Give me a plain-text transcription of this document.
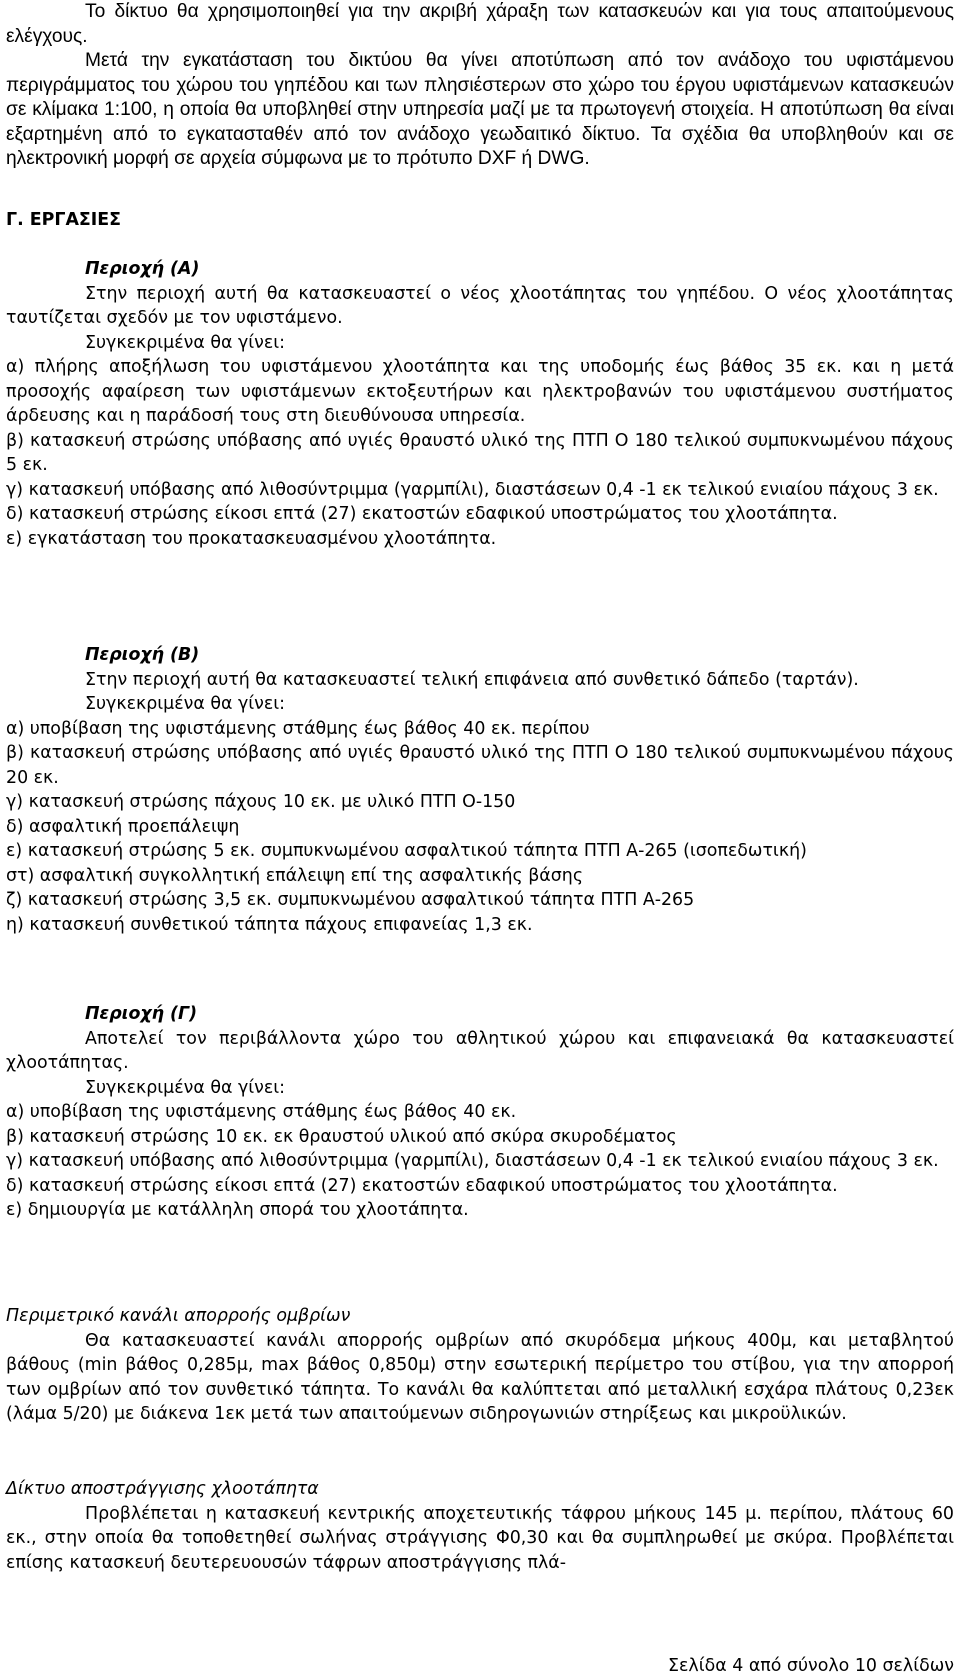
Το δίκτυο θα χρησιμοποιηθεί για την ακριβή χάραξη των κατασκευών και για τους απαιτούμενους ελέγχους.

Μετά την εγκατάσταση του δικτύου θα γίνει αποτύπωση από τον ανάδοχο του υφιστάμενου περιγράμματος του χώρου του γηπέδου και των πλησιέστερων στο χώρο του έργου υφιστάμενων κατασκευών σε κλίμακα 1:100, η οποία θα υποβληθεί στην υπηρεσία μαζί με τα πρωτογενή στοιχεία. Η αποτύπωση θα είναι εξαρτημένη από το εγκατασταθέν από τον ανάδοχο γεωδαιτικό δίκτυο. Τα σχέδια θα υποβληθούν και σε ηλεκτρονική μορφή σε αρχεία σύμφωνα με το πρότυπο DXF ή DWG.

Γ. ΕΡΓΑΣΙΕΣ
Περιοχή (Α)

Στην περιοχή αυτή θα κατασκευαστεί ο νέος χλοοτάπητας του γηπέδου. Ο νέος χλοοτάπητας ταυτίζεται σχεδόν με τον υφιστάμενο.

Συγκεκριμένα θα γίνει:

α) πλήρης αποξήλωση του υφιστάμενου χλοοτάπητα και της υποδομής έως βάθος 35 εκ. και η μετά προσοχής αφαίρεση των υφιστάμενων εκτοξευτήρων και ηλεκτροβανών του υφιστάμενου συστήματος άρδευσης και η παράδοσή τους στη διευθύνουσα υπηρεσία.

β) κατασκευή στρώσης υπόβασης από υγιές θραυστό υλικό της ΠΤΠ Ο 180 τελικού συμπυκνωμένου πάχους 5 εκ.

γ) κατασκευή υπόβασης από λιθοσύντριμμα (γαρμπίλι), διαστάσεων 0,4 -1 εκ τελικού ενιαίου πάχους 3 εκ.

δ) κατασκευή στρώσης είκοσι επτά (27) εκατοστών εδαφικού υποστρώματος του χλοοτάπητα.

ε) εγκατάσταση του προκατασκευασμένου χλοοτάπητα.

Περιοχή (Β)

Στην περιοχή αυτή θα κατασκευαστεί τελική επιφάνεια από συνθετικό δάπεδο (ταρτάν).

Συγκεκριμένα θα γίνει:

α) υποβίβαση της υφιστάμενης στάθμης έως βάθος 40 εκ. περίπου

β) κατασκευή στρώσης υπόβασης από υγιές θραυστό υλικό της ΠΤΠ Ο 180 τελικού συμπυκνωμένου πάχους 20 εκ.

γ) κατασκευή στρώσης πάχους 10 εκ. με υλικό ΠΤΠ Ο-150

δ) ασφαλτική προεπάλειψη

ε) κατασκευή στρώσης 5 εκ. συμπυκνωμένου ασφαλτικού τάπητα ΠΤΠ Α-265 (ισοπεδωτική)

στ) ασφαλτική συγκολλητική επάλειψη επί της ασφαλτικής βάσης

ζ) κατασκευή στρώσης 3,5 εκ. συμπυκνωμένου ασφαλτικού τάπητα ΠΤΠ Α-265

η) κατασκευή συνθετικού τάπητα πάχους επιφανείας 1,3 εκ.

Περιοχή (Γ)

Αποτελεί τον περιβάλλοντα χώρο του αθλητικού χώρου και επιφανειακά θα κατασκευαστεί χλοοτάπητας.

Συγκεκριμένα θα γίνει:

α) υποβίβαση της υφιστάμενης στάθμης έως βάθος 40 εκ.

β) κατασκευή στρώσης 10 εκ. εκ θραυστού υλικού από σκύρα σκυροδέματος

γ) κατασκευή υπόβασης από λιθοσύντριμμα (γαρμπίλι), διαστάσεων 0,4 -1 εκ τελικού ενιαίου πάχους 3 εκ.

δ) κατασκευή στρώσης είκοσι επτά (27) εκατοστών εδαφικού υποστρώματος του χλοοτάπητα.

ε) δημιουργία με κατάλληλη σπορά του χλοοτάπητα.

Περιμετρικό κανάλι απορροής ομβρίων

Θα κατασκευαστεί κανάλι απορροής ομβρίων από σκυρόδεμα μήκους 400μ, και μεταβλητού βάθους (min βάθος 0,285μ, max βάθος 0,850μ) στην εσωτερική περίμετρο του στίβου, για την απορροή των ομβρίων από τον συνθετικό τάπητα. Το κανάλι θα καλύπτεται από μεταλλική εσχάρα πλάτους 0,23εκ (λάμα 5/20) με διάκενα 1εκ μετά των απαιτούμενων σιδηρογωνιών στηρίξεως και μικροϋλικών.

Δίκτυο αποστράγγισης χλοοτάπητα

Προβλέπεται η κατασκευή κεντρικής αποχετευτικής τάφρου μήκους 145 μ. περίπου, πλάτους 60 εκ., στην οποία θα τοποθετηθεί σωλήνας στράγγισης Φ0,30 και θα συμπληρωθεί με σκύρα. Προβλέπεται επίσης κατασκευή δευτερευουσών τάφρων αποστράγγισης πλά-

Σελίδα 4 από σύνολο 10 σελίδων
